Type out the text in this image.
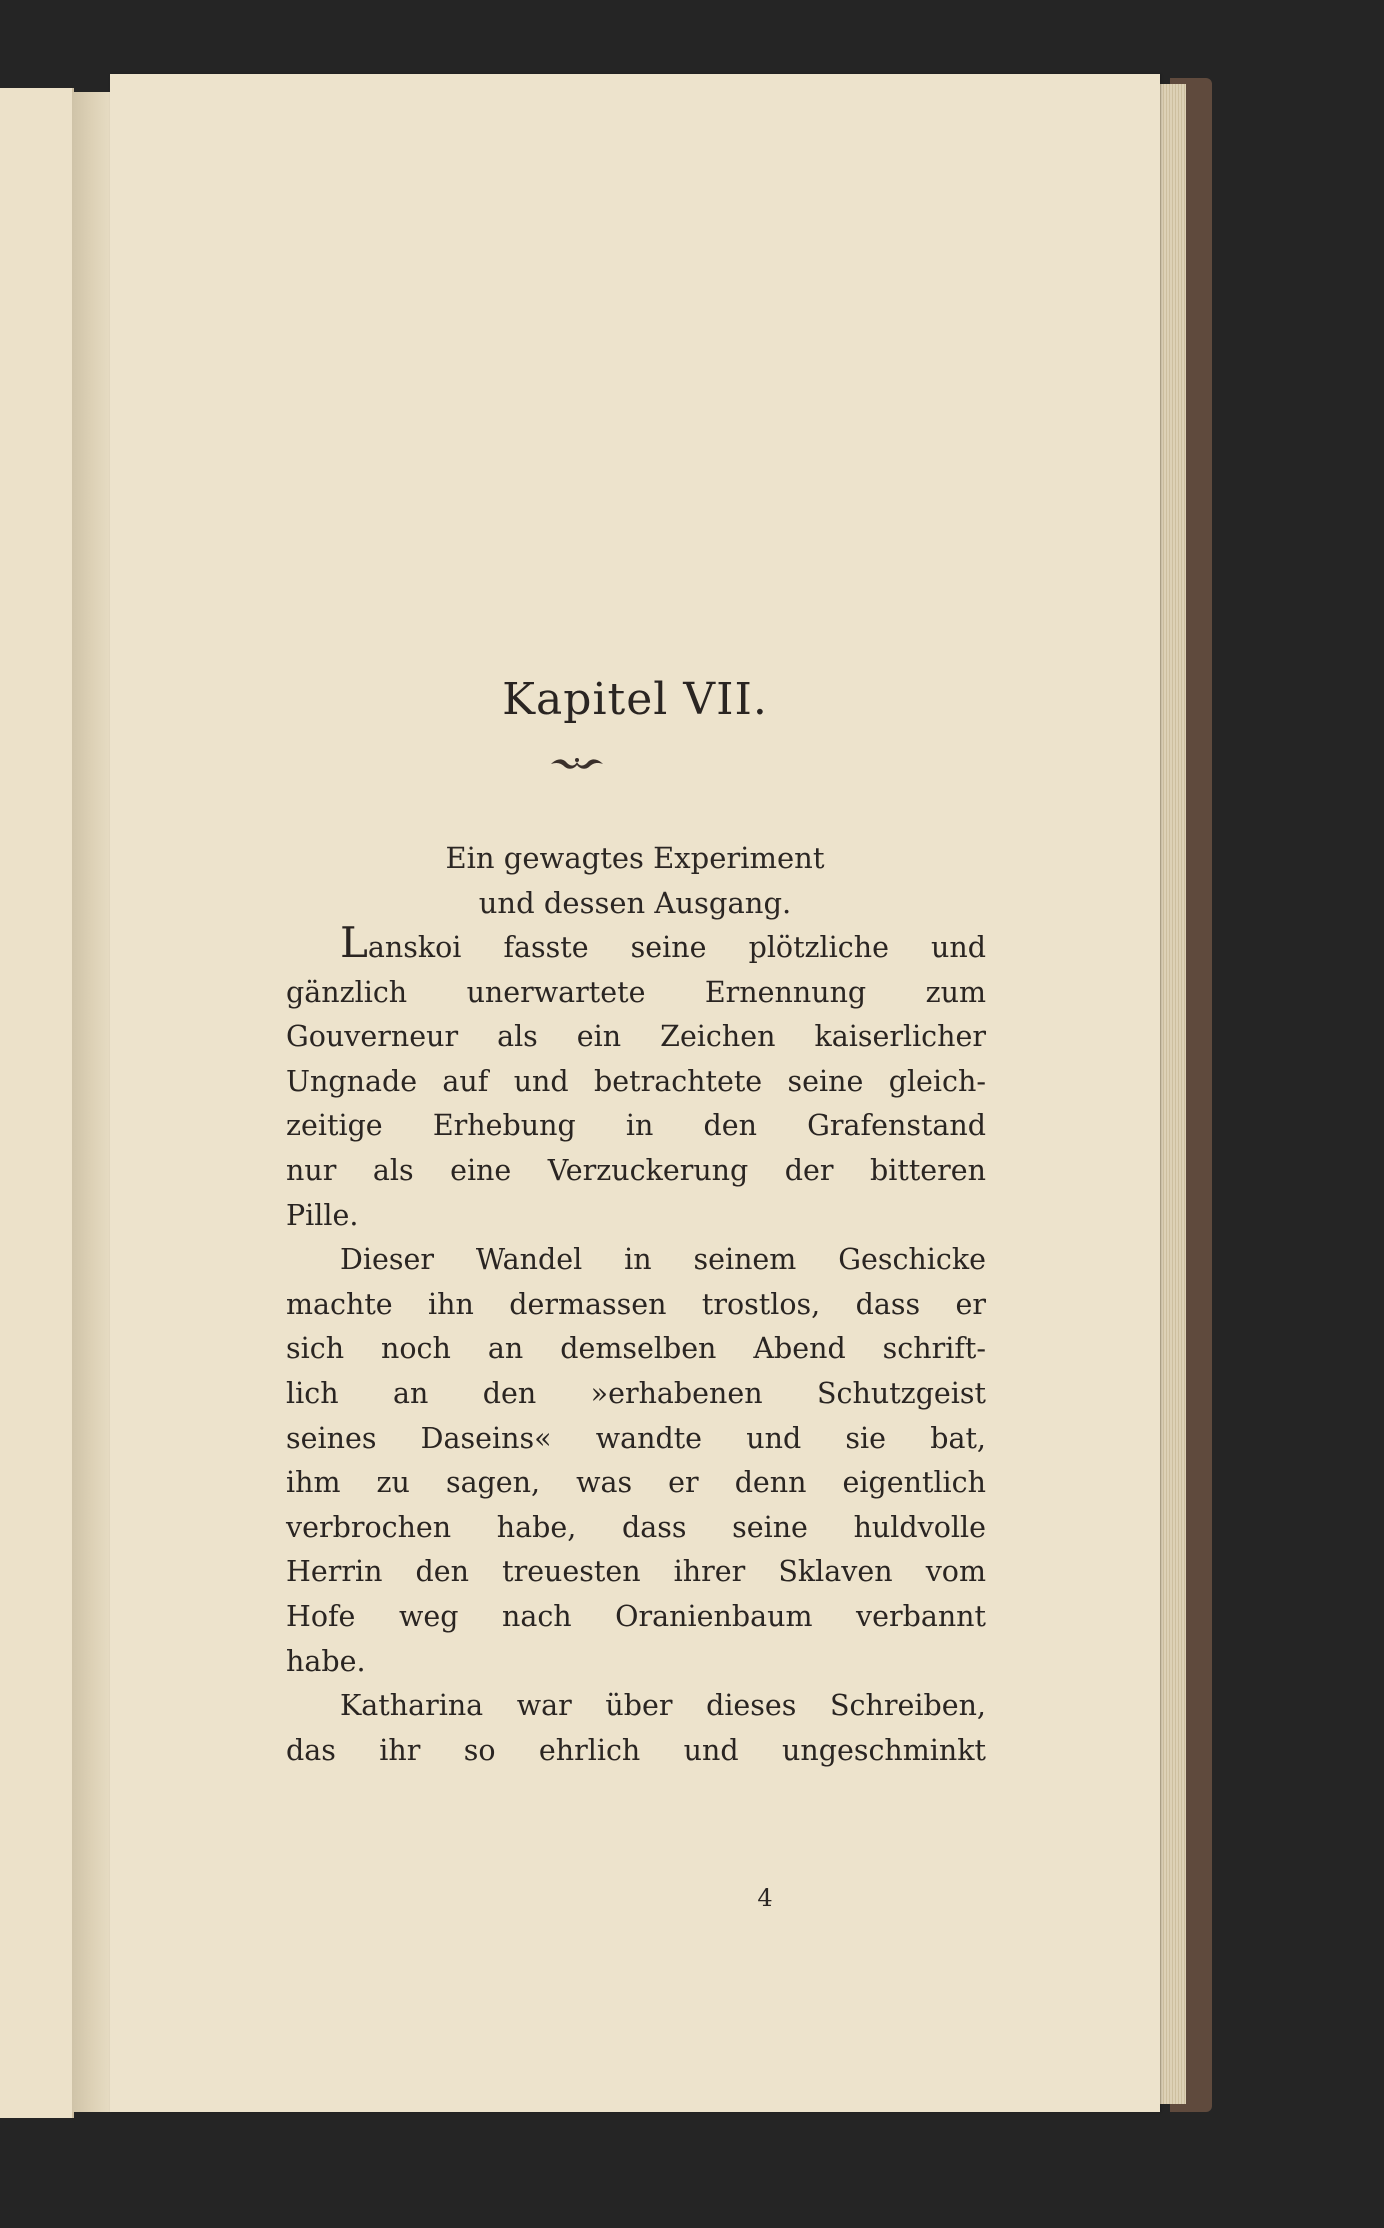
Kapitel VII.
Ein gewagtes Experiment
und dessen Ausgang.
Lanskoi fasste seine plötzliche und
gänzlich unerwartete Ernennung zum
Gouverneur als ein Zeichen kaiserlicher
Ungnade auf und betrachtete seine gleich-
zeitige Erhebung in den Grafenstand
nur als eine Verzuckerung der bitteren
Pille.
Dieser Wandel in seinem Geschicke
machte ihn dermassen trostlos, dass er
sich noch an demselben Abend schrift-
lich an den »erhabenen Schutzgeist
seines Daseins« wandte und sie bat,
ihm zu sagen, was er denn eigentlich
verbrochen habe, dass seine huldvolle
Herrin den treuesten ihrer Sklaven vom
Hofe weg nach Oranienbaum verbannt
habe.
Katharina war über dieses Schreiben,
das ihr so ehrlich und ungeschminkt
4
